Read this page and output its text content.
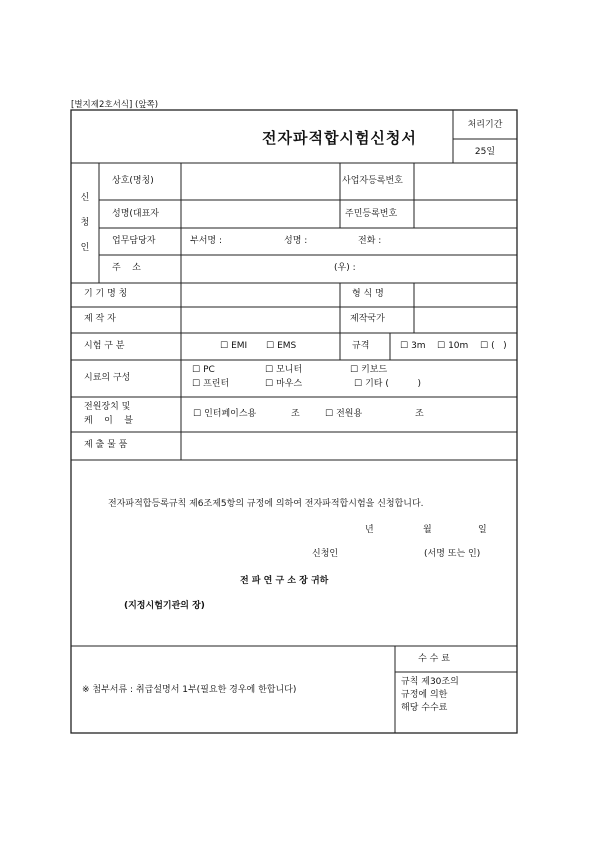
[별지제2호서식] (앞쪽)
전자파적합시험신청서
처리기간
25일
신
청
인
상호(명칭)	사업자등록번호
성명(대표자	주민등록번호
업무담당자	부서명 :	성명 :	전화 :
주    소	(우) :
기 기 명 칭	형 식 명
제 작 자	제작국가
시험 구 분	☐ EMI	☐ EMS	규격	☐ 3m	☐ 10m	☐ (   )
시료의 구성
☐ PC	☐ 모니터	☐ 키보드
☐ 프린터	☐ 마우스	☐ 기타 (          )
전원장치 및
케    이    블
☐ 인터페이스용	조	☐ 전원용	조
제 출 물 품
전자파적합등록규칙 제6조제5항의 규정에 의하여 전자파적합시험을 신청합니다.
년	월	일
신청인	(서명 또는 인)
전 파 연 구 소 장 귀하
(지정시험기관의 장)
※ 첨부서류 : 취급설명서 1부(필요한 경우에 한합니다)
수 수 료
규칙 제30조의
규정에 의한
해당 수수료
